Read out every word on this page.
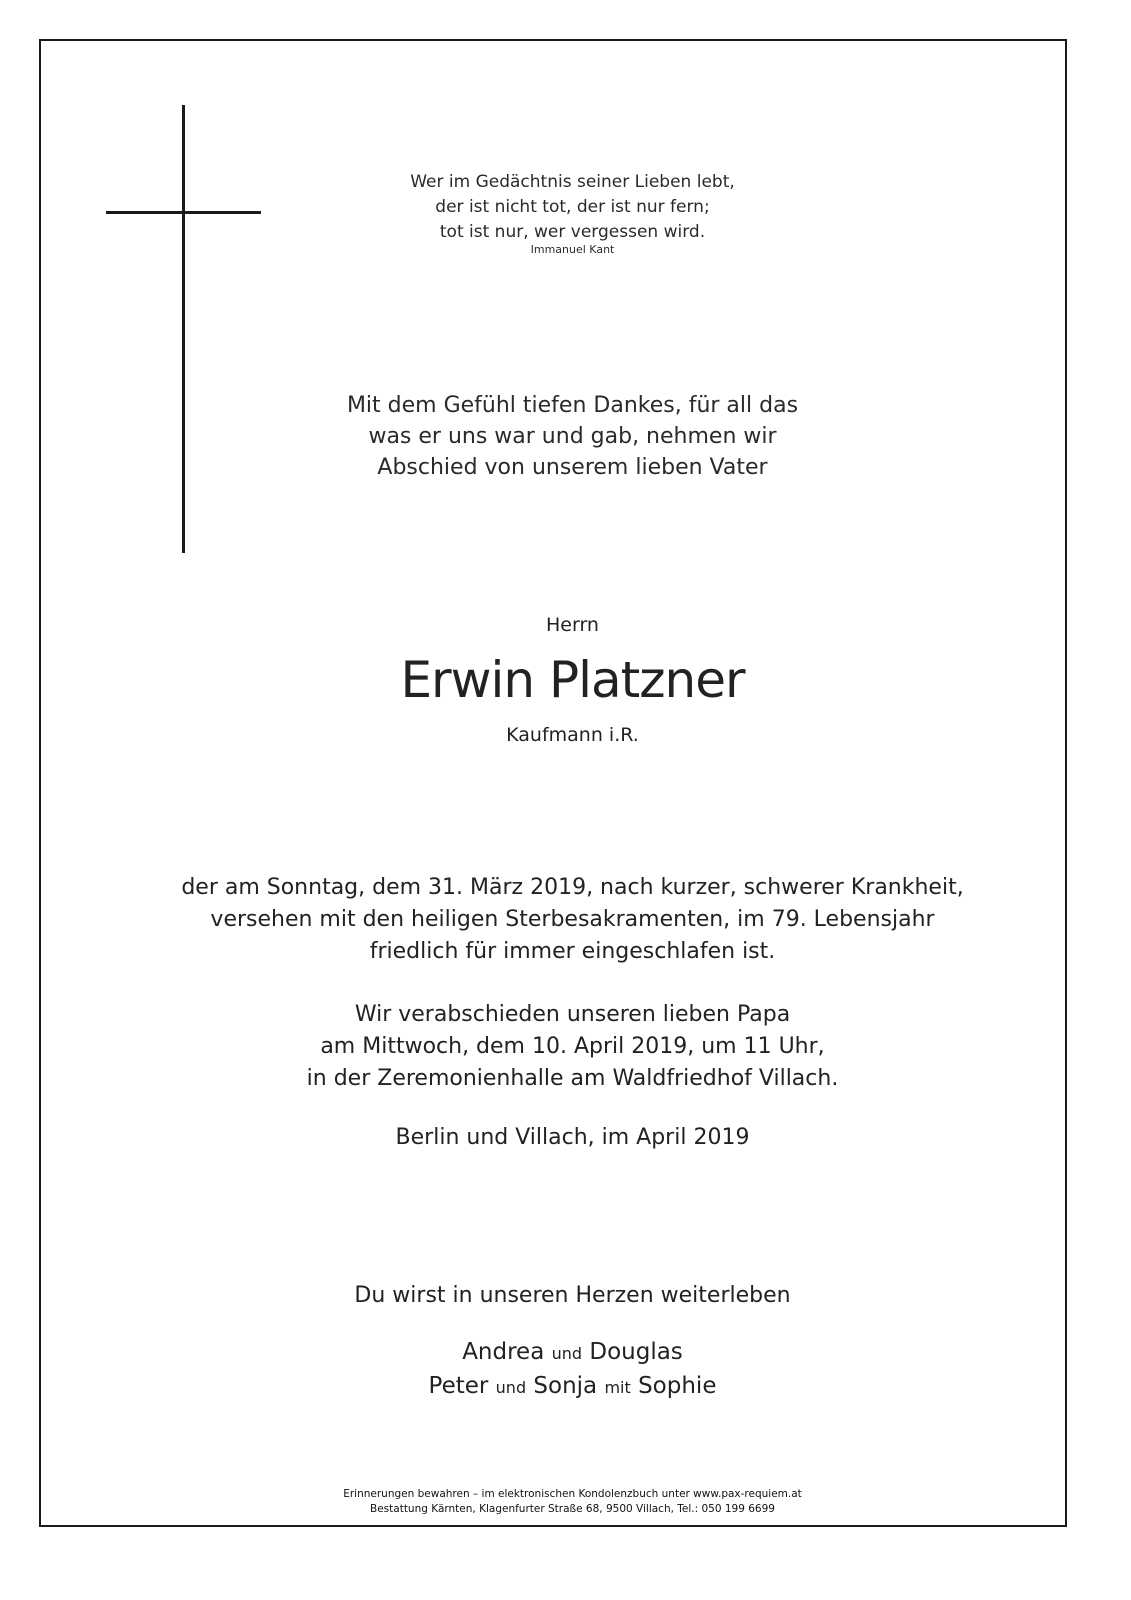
Wer im Gedächtnis seiner Lieben lebt,
der ist nicht tot, der ist nur fern;
tot ist nur, wer vergessen wird.
Immanuel Kant
Mit dem Gefühl tiefen Dankes, für all das
was er uns war und gab, nehmen wir
Abschied von unserem lieben Vater
Herrn
Erwin Platzner
Kaufmann i.R.
der am Sonntag, dem 31. März 2019, nach kurzer, schwerer Krankheit,
versehen mit den heiligen Sterbesakramenten, im 79. Lebensjahr
friedlich für immer eingeschlafen ist.
Wir verabschieden unseren lieben Papa
am Mittwoch, dem 10. April 2019, um 11 Uhr,
in der Zeremonienhalle am Waldfriedhof Villach.
Berlin und Villach, im April 2019
Du wirst in unseren Herzen weiterleben
Andrea und Douglas
Peter und Sonja mit Sophie
Erinnerungen bewahren – im elektronischen Kondolenzbuch unter www.pax-requiem.at
Bestattung Kärnten, Klagenfurter Straße 68, 9500 Villach, Tel.: 050 199 6699
